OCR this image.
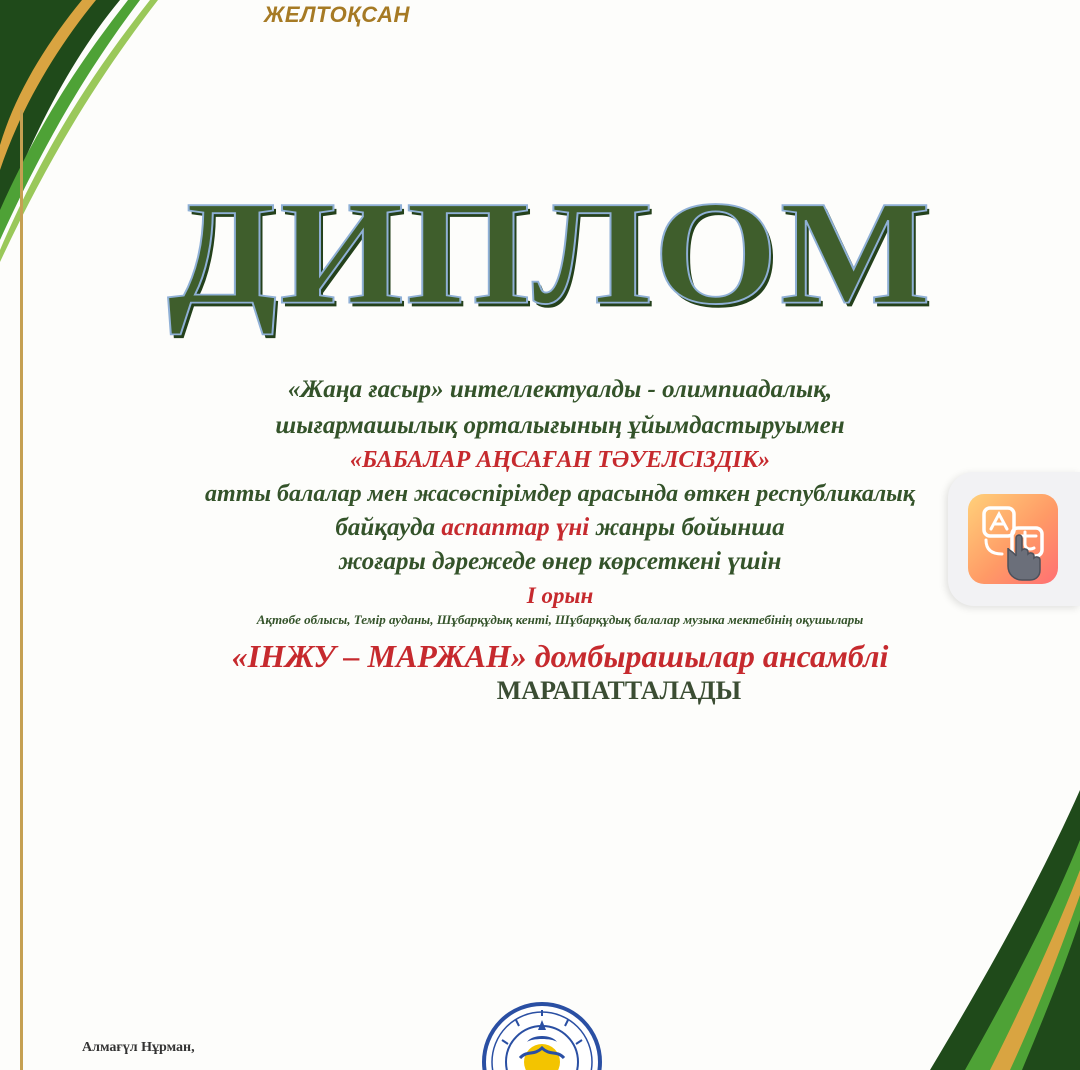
ЖЕЛТОҚСАН
ДИПЛОМ
«Жаңа ғасыр» интеллектуалды - олимпиадалық,
шығармашылық орталығының ұйымдастыруымен
«БАБАЛАР АҢСАҒАН ТӘУЕЛСІЗДІК»
атты балалар мен жасөспірімдер арасында өткен республикалық
байқауда аспаптар үні жанры бойынша
жоғары дәрежеде өнер көрсеткені үшін
І орын
Ақтөбе облысы, Темір ауданы, Шұбарқұдық кенті, Шұбарқұдық балалар музыка мектебінің оқушылары
«ІНЖУ – МАРЖАН» домбырашылар ансамблі
МАРАПАТТАЛАДЫ
Алмағүл Нұрман,
